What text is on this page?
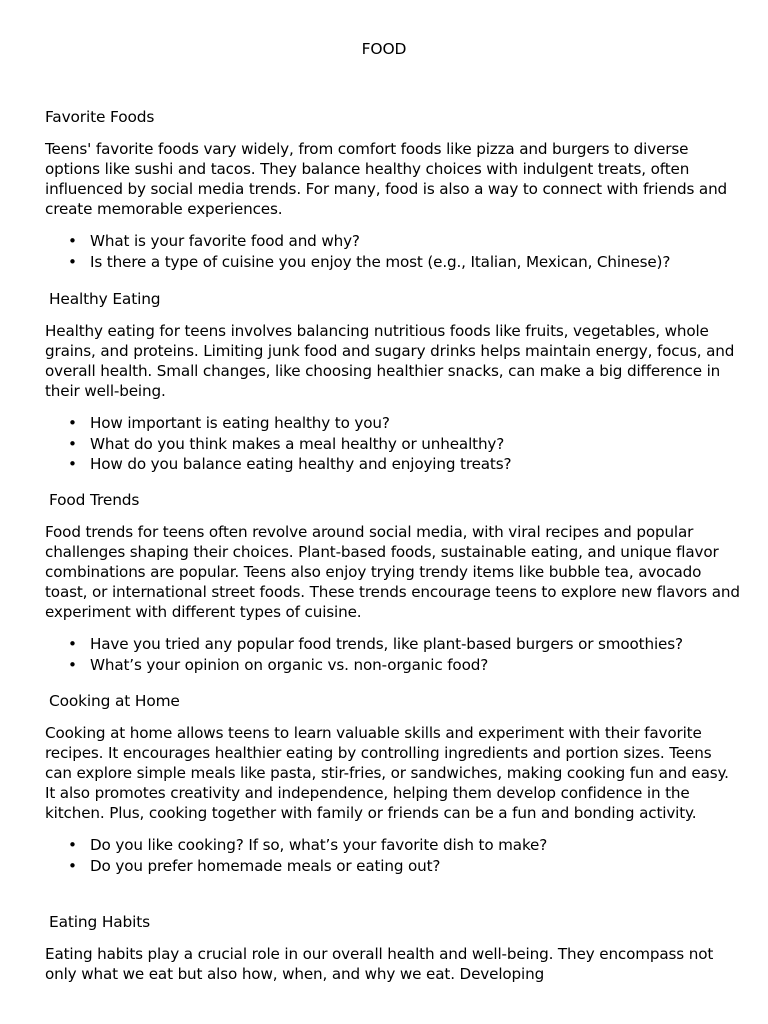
FOOD
Favorite Foods

Teens' favorite foods vary widely, from comfort foods like pizza and burgers to diverse options like sushi and tacos. They balance healthy choices with indulgent treats, often influenced by social media trends. For many, food is also a way to connect with friends and create memorable experiences.

• What is your favorite food and why?
• Is there a type of cuisine you enjoy the most (e.g., Italian, Mexican, Chinese)?
Healthy Eating

Healthy eating for teens involves balancing nutritious foods like fruits, vegetables, whole grains, and proteins. Limiting junk food and sugary drinks helps maintain energy, focus, and overall health. Small changes, like choosing healthier snacks, can make a big difference in their well-being.

• How important is eating healthy to you?
• What do you think makes a meal healthy or unhealthy?
• How do you balance eating healthy and enjoying treats?
Food Trends

Food trends for teens often revolve around social media, with viral recipes and popular challenges shaping their choices. Plant-based foods, sustainable eating, and unique flavor combinations are popular. Teens also enjoy trying trendy items like bubble tea, avocado toast, or international street foods. These trends encourage teens to explore new flavors and experiment with different types of cuisine.

• Have you tried any popular food trends, like plant-based burgers or smoothies?
• What’s your opinion on organic vs. non-organic food?
Cooking at Home

Cooking at home allows teens to learn valuable skills and experiment with their favorite recipes. It encourages healthier eating by controlling ingredients and portion sizes. Teens can explore simple meals like pasta, stir-fries, or sandwiches, making cooking fun and easy. It also promotes creativity and independence, helping them develop confidence in the kitchen. Plus, cooking together with family or friends can be a fun and bonding activity.

• Do you like cooking? If so, what’s your favorite dish to make?
• Do you prefer homemade meals or eating out?
Eating Habits

Eating habits play a crucial role in our overall health and well-being. They encompass not only what we eat but also how, when, and why we eat. Developing
